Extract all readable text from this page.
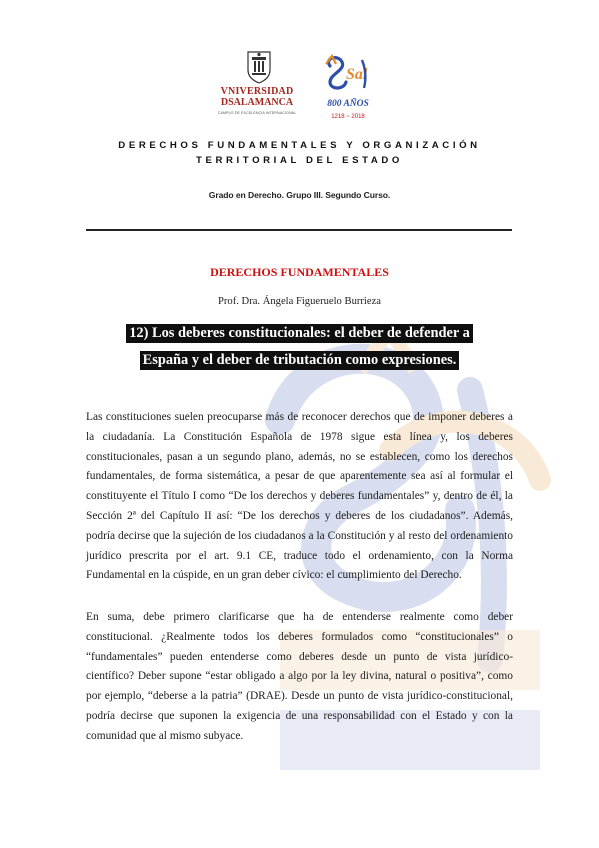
VNIVERSIDAD
DSALAMANCA
CAMPUS DE EXCELENCIA INTERNACIONAL
Sal
800 AÑOS
1218 ~ 2018
DERECHOS FUNDAMENTALES Y ORGANIZACIÓN
TERRITORIAL DEL ESTADO
Grado en Derecho. Grupo III. Segundo Curso.
DERECHOS FUNDAMENTALES
Prof. Dra. Ángela Figueruelo Burrieza
12) Los deberes constitucionales: el deber de defender a
España y el deber de tributación como expresiones.

Las constituciones suelen preocuparse más de reconocer derechos que de imponer deberes a la ciudadanía. La Constitución Española de 1978 sigue esta línea y, los deberes constitucionales, pasan a un segundo plano, además, no se establecen, como los derechos fundamentales, de forma sistemática, a pesar de que aparentemente sea así al formular el constituyente el Título I como “De los derechos y deberes fundamentales” y, dentro de él, la Sección 2ª del Capítulo II así: “De los derechos y deberes de los ciudadanos”. Además, podría decirse que la sujeción de los ciudadanos a la Constitución y al resto del ordenamiento jurídico prescrita por el art. 9.1 CE, traduce todo el ordenamiento, con la Norma Fundamental en la cúspide, en un gran deber cívico: el cumplimiento del Derecho.

En suma, debe primero clarificarse que ha de entenderse realmente como deber constitucional. ¿Realmente todos los deberes formulados como “constitucionales” o “fundamentales” pueden entenderse como deberes desde un punto de vista jurídico-científico? Deber supone “estar obligado a algo por la ley divina, natural o positiva”, como por ejemplo, “deberse a la patria” (DRAE). Desde un punto de vista jurídico-constitucional, podría decirse que suponen la exigencia de una responsabilidad con el Estado y con la comunidad que al mismo subyace.
